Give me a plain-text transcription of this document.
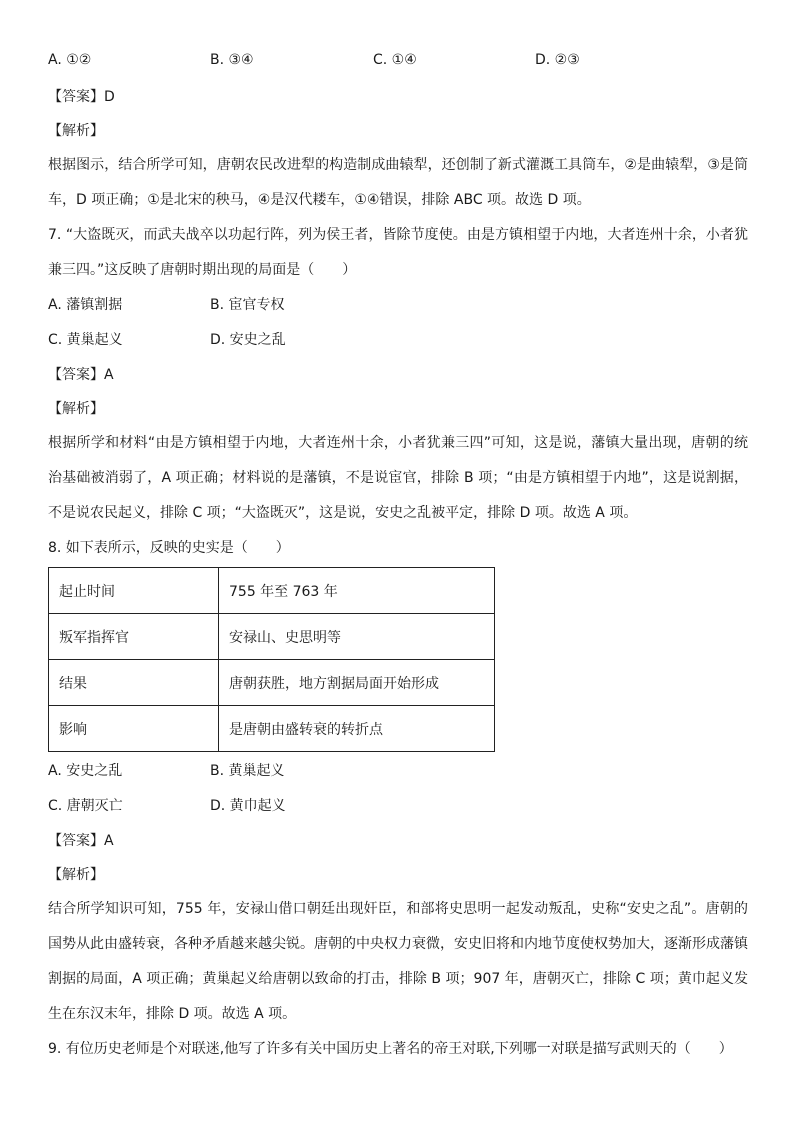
A. ①②	B. ③④	C. ①④	D. ②③
【答案】D
【解析】
根据图示，结合所学可知，唐朝农民改进犁的构造制成曲辕犁，还创制了新式灌溉工具筒车，②是曲辕犁，③是筒车，D 项正确；①是北宋的秧马，④是汉代耧车，①④错误，排除 ABC 项。故选 D 项。
7. “大盗既灭，而武夫战卒以功起行阵，列为侯王者，皆除节度使。由是方镇相望于内地，大者连州十余，小者犹兼三四。”这反映了唐朝时期出现的局面是（　　）
A. 藩镇割据	B. 宦官专权
C. 黄巢起义	D. 安史之乱
【答案】A
【解析】
根据所学和材料“由是方镇相望于内地，大者连州十余，小者犹兼三四”可知，这是说，藩镇大量出现，唐朝的统治基础被消弱了，A 项正确；材料说的是藩镇，不是说宦官，排除 B 项；“由是方镇相望于内地”，这是说割据，不是说农民起义，排除 C 项；“大盗既灭”，这是说，安史之乱被平定，排除 D 项。故选 A 项。
8. 如下表所示，反映的史实是（　　）
起止时间	755 年至 763 年
叛军指挥官	安禄山、史思明等
结果	唐朝获胜，地方割据局面开始形成
影响	是唐朝由盛转衰的转折点
A. 安史之乱	B. 黄巢起义
C. 唐朝灭亡	D. 黄巾起义
【答案】A
【解析】
结合所学知识可知，755 年，安禄山借口朝廷出现奸臣，和部将史思明一起发动叛乱，史称“安史之乱”。唐朝的国势从此由盛转衰，各种矛盾越来越尖锐。唐朝的中央权力衰微，安史旧将和内地节度使权势加大，逐渐形成藩镇割据的局面，A 项正确；黄巢起义给唐朝以致命的打击，排除 B 项；907 年，唐朝灭亡，排除 C 项；黄巾起义发生在东汉末年，排除 D 项。故选 A 项。
9. 有位历史老师是个对联迷,他写了许多有关中国历史上著名的帝王对联,下列哪一对联是描写武则天的（　　）
